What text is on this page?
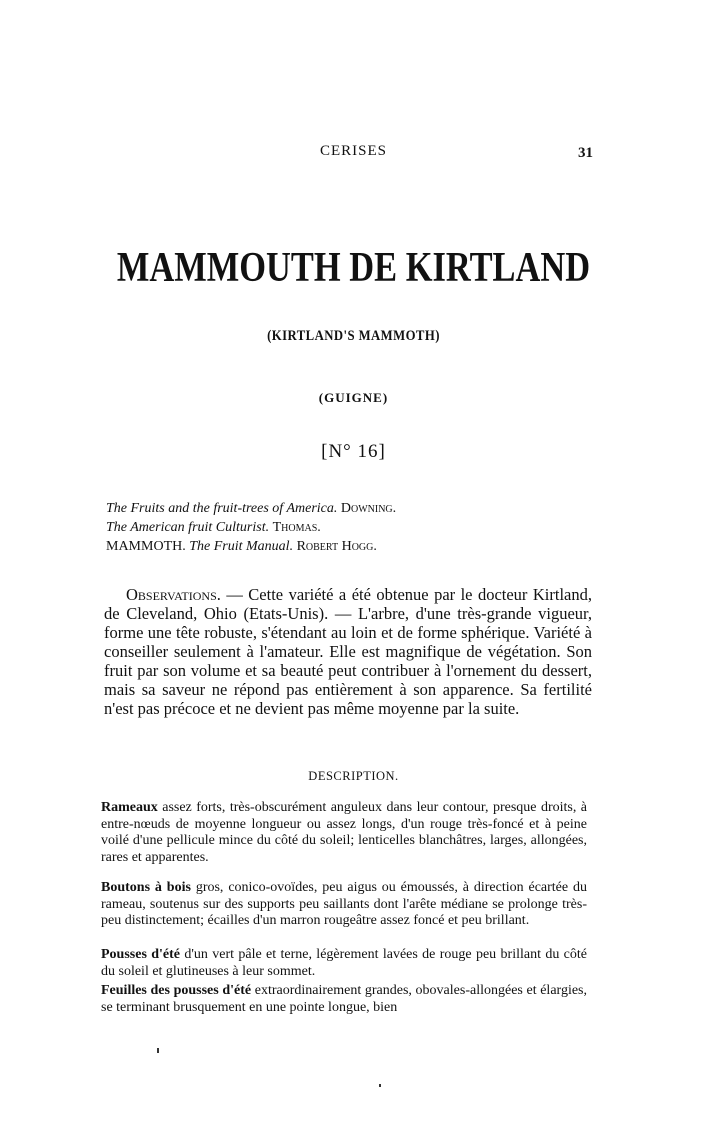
CERISES	31
MAMMOUTH DE KIRTLAND
(KIRTLAND'S MAMMOTH)
(GUIGNE)
[N° 16]
The Fruits and the fruit-trees of America. Downing.
The American fruit Culturist. Thomas.
MAMMOTH. The Fruit Manual. Robert Hogg.
Observations. — Cette variété a été obtenue par le docteur Kirtland, de Cleveland, Ohio (Etats-Unis). — L'arbre, d'une très-grande vigueur, forme une tête robuste, s'étendant au loin et de forme sphérique. Variété à conseiller seulement à l'amateur. Elle est magnifique de végétation. Son fruit par son volume et sa beauté peut contribuer à l'ornement du dessert, mais sa saveur ne répond pas entièrement à son apparence. Sa fertilité n'est pas précoce et ne devient pas même moyenne par la suite.
DESCRIPTION.
Rameaux assez forts, très-obscurément anguleux dans leur contour, presque droits, à entre-nœuds de moyenne longueur ou assez longs, d'un rouge très-foncé et à peine voilé d'une pellicule mince du côté du soleil; lenticelles blanchâtres, larges, allongées, rares et apparentes.
Boutons à bois gros, conico-ovoïdes, peu aigus ou émoussés, à direction écartée du rameau, soutenus sur des supports peu saillants dont l'arête médiane se prolonge très-peu distinctement; écailles d'un marron rougeâtre assez foncé et peu brillant.
Pousses d'été d'un vert pâle et terne, légèrement lavées de rouge peu brillant du côté du soleil et glutineuses à leur sommet.
Feuilles des pousses d'été extraordinairement grandes, obovales-allongées et élargies, se terminant brusquement en une pointe longue, bien
